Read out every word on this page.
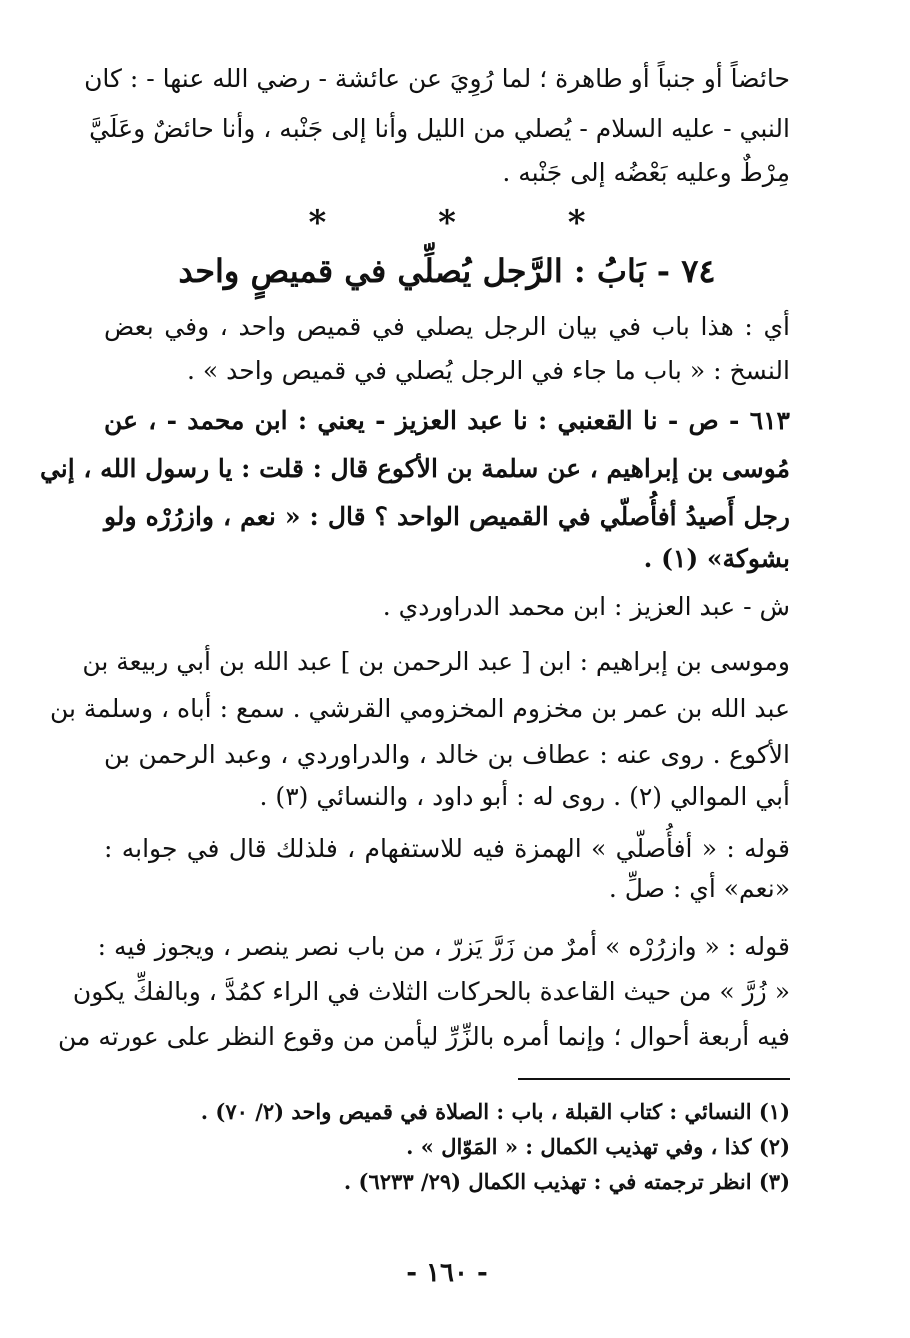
حائضاً أو جنباً أو طاهرة ؛ لما رُوِيَ عن عائشة - رضي الله عنها - : كان
النبي - عليه السلام - يُصلي من الليل وأنا إلى جَنْبه ، وأنا حائضٌ وعَلَيَّ
مِرْطٌ وعليه بَعْضُه إلى جَنْبه .
* * *
٧٤ - بَابُ : الرَّجل يُصلِّي في قميصٍ واحد
أي : هذا باب في بيان الرجل يصلي في قميص واحد ، وفي بعض
النسخ : « باب ما جاء في الرجل يُصلي في قميص واحد » .
٦١٣ - ص - نا القعنبي : نا عبد العزيز - يعني : ابن محمد - ، عن
مُوسى بن إبراهيم ، عن سلمة بن الأكوع قال : قلت : يا رسول الله ، إني
رجل أَصيدُ أفأُصلّي في القميص الواحد ؟ قال : « نعم ، وازرُرْه ولو
بشوكة» (١) .
ش - عبد العزيز : ابن محمد الدراوردي .
وموسى بن إبراهيم : ابن [ عبد الرحمن بن ] عبد الله بن أبي ربيعة بن
عبد الله بن عمر بن مخزوم المخزومي القرشي . سمع : أباه ، وسلمة بن
الأكوع . روى عنه : عطاف بن خالد ، والدراوردي ، وعبد الرحمن بن
أبي الموالي (٢) . روى له : أبو داود ، والنسائي (٣) .
قوله : « أفأُصلّي » الهمزة فيه للاستفهام ، فلذلك قال في جوابه :
«نعم» أي : صلِّ .
قوله : « وازرُرْه » أمرٌ من زَرَّ يَزرّ ، من باب نصر ينصر ، ويجوز فيه :
« زُرَّ » من حيث القاعدة بالحركات الثلاث في الراء كمُدَّ ، وبالفكِّ يكون
فيه أربعة أحوال ؛ وإنما أمره بالزِّرِّ ليأمن من وقوع النظر على عورته من
(١) النسائي : كتاب القبلة ، باب : الصلاة في قميص واحد (٢/ ٧٠) .
(٢) كذا ، وفي تهذيب الكمال : « المَوّال » .
(٣) انظر ترجمته في : تهذيب الكمال (٢٩/ ٦٢٣٣) .
- ١٦٠ -
